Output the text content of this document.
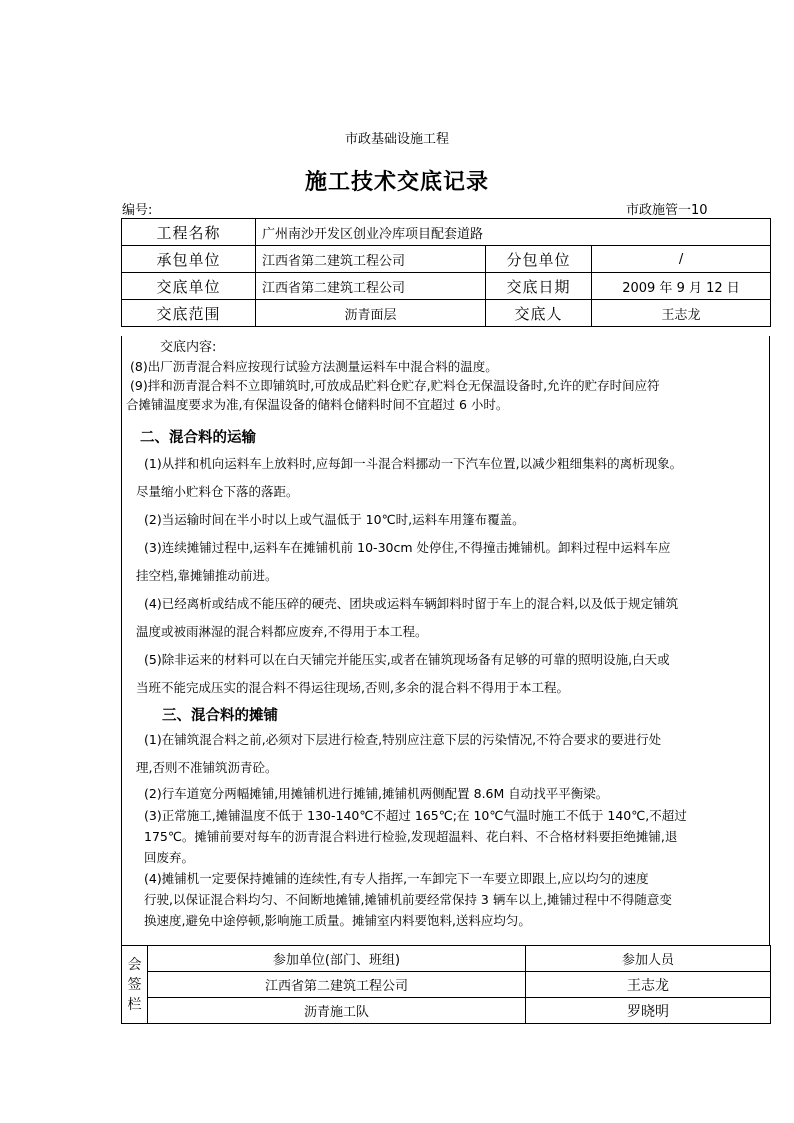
市政基础设施工程
施工技术交底记录
编号:	市政施管一10
工程名称	广州南沙开发区创业冷库项目配套道路		
承包单位	江西省第二建筑工程公司	分包单位	/
交底单位	江西省第二建筑工程公司	交底日期	2009 年 9 月 12 日
交底范围	沥青面层	交底人	王志龙

交底内容:

(8)出厂沥青混合料应按现行试验方法测量运料车中混合料的温度。

(9)拌和沥青混合料不立即铺筑时,可放成品贮料仓贮存,贮料仓无保温设备时,允许的贮存时间应符

合摊铺温度要求为准,有保温设备的储料仓储料时间不宜超过 6 小时。

二、混合料的运输

(1)从拌和机向运料车上放料时,应每卸一斗混合料挪动一下汽车位置,以减少粗细集料的离析现象。

尽量缩小贮料仓下落的落距。

(2)当运输时间在半小时以上或气温低于 10℃时,运料车用篷布覆盖。

(3)连续摊铺过程中,运料车在摊铺机前 10-30cm 处停住,不得撞击摊铺机。卸料过程中运料车应

挂空档,靠摊铺推动前进。

(4)已经离析或结成不能压碎的硬壳、团块或运料车辆卸料时留于车上的混合料,以及低于规定铺筑

温度或被雨淋湿的混合料都应废弃,不得用于本工程。

(5)除非运来的材料可以在白天铺完并能压实,或者在铺筑现场备有足够的可靠的照明设施,白天或

当班不能完成压实的混合料不得运往现场,否则,多余的混合料不得用于本工程。

三、混合料的摊铺

(1)在铺筑混合料之前,必须对下层进行检查,特别应注意下层的污染情况,不符合要求的要进行处

理,否则不准铺筑沥青砼。

(2)行车道宽分两幅摊铺,用摊铺机进行摊铺,摊铺机两侧配置 8.6M 自动找平平衡梁。

(3)正常施工,摊铺温度不低于 130-140℃不超过 165℃;在 10℃气温时施工不低于 140℃,不超过

175℃。摊铺前要对每车的沥青混合料进行检验,发现超温料、花白料、不合格材料要拒绝摊铺,退

回废弃。

(4)摊铺机一定要保持摊铺的连续性,有专人指挥,一车卸完下一车要立即跟上,应以均匀的速度

行驶,以保证混合料均匀、不间断地摊铺,摊铺机前要经常保持 3 辆车以上,摊铺过程中不得随意变

换速度,避免中途停顿,影响施工质量。摊铺室内料要饱料,送料应均匀。

会
签
栏	参加单位(部门、班组)	参加人员
	江西省第二建筑工程公司	王志龙
	沥青施工队	罗晓明
